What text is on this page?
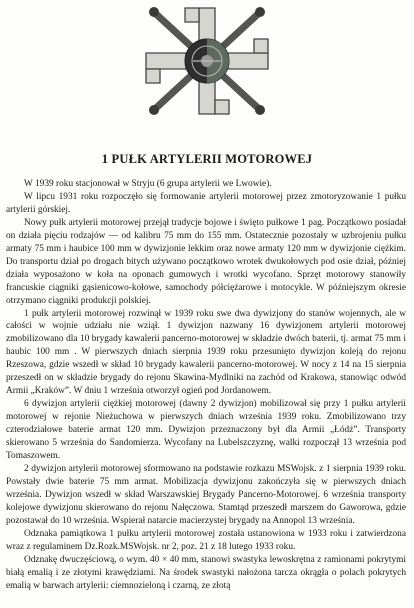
1 PUŁK ARTYLERII MOTOROWEJ

W 1939 roku stacjonował w Stryju (6 grupa artylerii we Lwowie).

W lipcu 1931 roku rozpoczęło się formowanie artylerii motorowej przez zmotoryzowanie 1 pułku artylerii górskiej.

Nowy pułk artylerii motorowej przejął tradycje bojowe i święto pułkowe 1 pag. Początkowo posiadał on działa pięciu rodzajów — od kalibru 75 mm do 155 mm. Ostatecznie pozostały w uzbrojeniu pułku armaty 75 mm i haubice 100 mm w dywizjonie lekkim oraz nowe armaty 120 mm w dywizjonie ciężkim. Do transportu dział po drogach bitych używano początkowo wrotek dwukołowych pod osie dział, później działa wyposażono w koła na oponach gumowych i wrotki wycofano. Sprzęt motorowy stanowiły francuskie ciągniki gąsienicowo-kołowe, samochody półciężarowe i motocykle. W późniejszym okresie otrzymano ciągniki produkcji polskiej.

1 pułk artylerii motorowej rozwinął w 1939 roku swe dwa dywizjony do stanów wojennych, ale w całości w wojnie udziału nie wziął. 1 dywizjon nazwany 16 dywizjonem artylerii motorowej zmobilizowano dla 10 brygady kawalerii pancerno-motorowej w składzie dwóch baterii, tj. armat 75 mm i haubic 100 mm . W pierwszych dniach sierpnia 1939 roku przesunięto dywizjon koleją do rejonu Rzeszowa, gdzie wszedł w skład 10 brygady kawalerii pancerno-motorowej. W nocy z 14 na 15 sierpnia przeszedł on w składzie brygady do rejonu Skawina-Mydlniki na zachód od Krakowa, stanowiąc odwód Armii „Kraków”. W dniu 1 września otworzył ogień pod Jordanowem.

6 dywizjon artylerii ciężkiej motorowej (dawny 2 dywizjon) mobilizował się przy 1 pułku artylerii motorowej w rejonie Nieżuchowa w pierwszych dniach września 1939 roku. Zmobilizowano trzy czterodziałowe baterie armat 120 mm. Dywizjon przeznaczony był dla Armii „Łódź”. Transporty skierowano 5 września do Sandomierza. Wycofany na Lubelszczyznę, walki rozpoczął 13 września pod Tomaszowem.

2 dywizjon artylerii motorowej sformowano na podstawie rozkazu MSWojsk. z 1 sierpnia 1939 roku. Powstały dwie baterie 75 mm armat. Mobilizacja dywizjonu zakończyła się w pierwszych dniach września. Dywizjon wszedł w skład Warszawskiej Brygady Pancerno-Motorowej. 6 września transporty kolejowe dywizjonu skierowano do rejonu Nałęczowa. Stamtąd przeszedł marszem do Gaworowa, gdzie pozostawał do 10 września. Wspierał natarcie macierzystej brygady na Annopol 13 września.

Odznaka pamiątkowa 1 pułku artylerii motorowej została ustanowiona w 1933 roku i zatwierdzona wraz z regulaminem Dz.Rozk.MSWojsk. nr 2, poz. 21 z 18 lutego 1933 roku.

Odznakę dwuczęściową, o wym. 40 × 40 mm, stanowi swastyka lewoskrętna z ramionami pokrytymi białą emalią i ze złotymi krawędziami. Na środek swastyki nałożona tarcza okrągła o polach pokrytych emalią w barwach artylerii: ciemnozieloną i czarną, ze złotą
